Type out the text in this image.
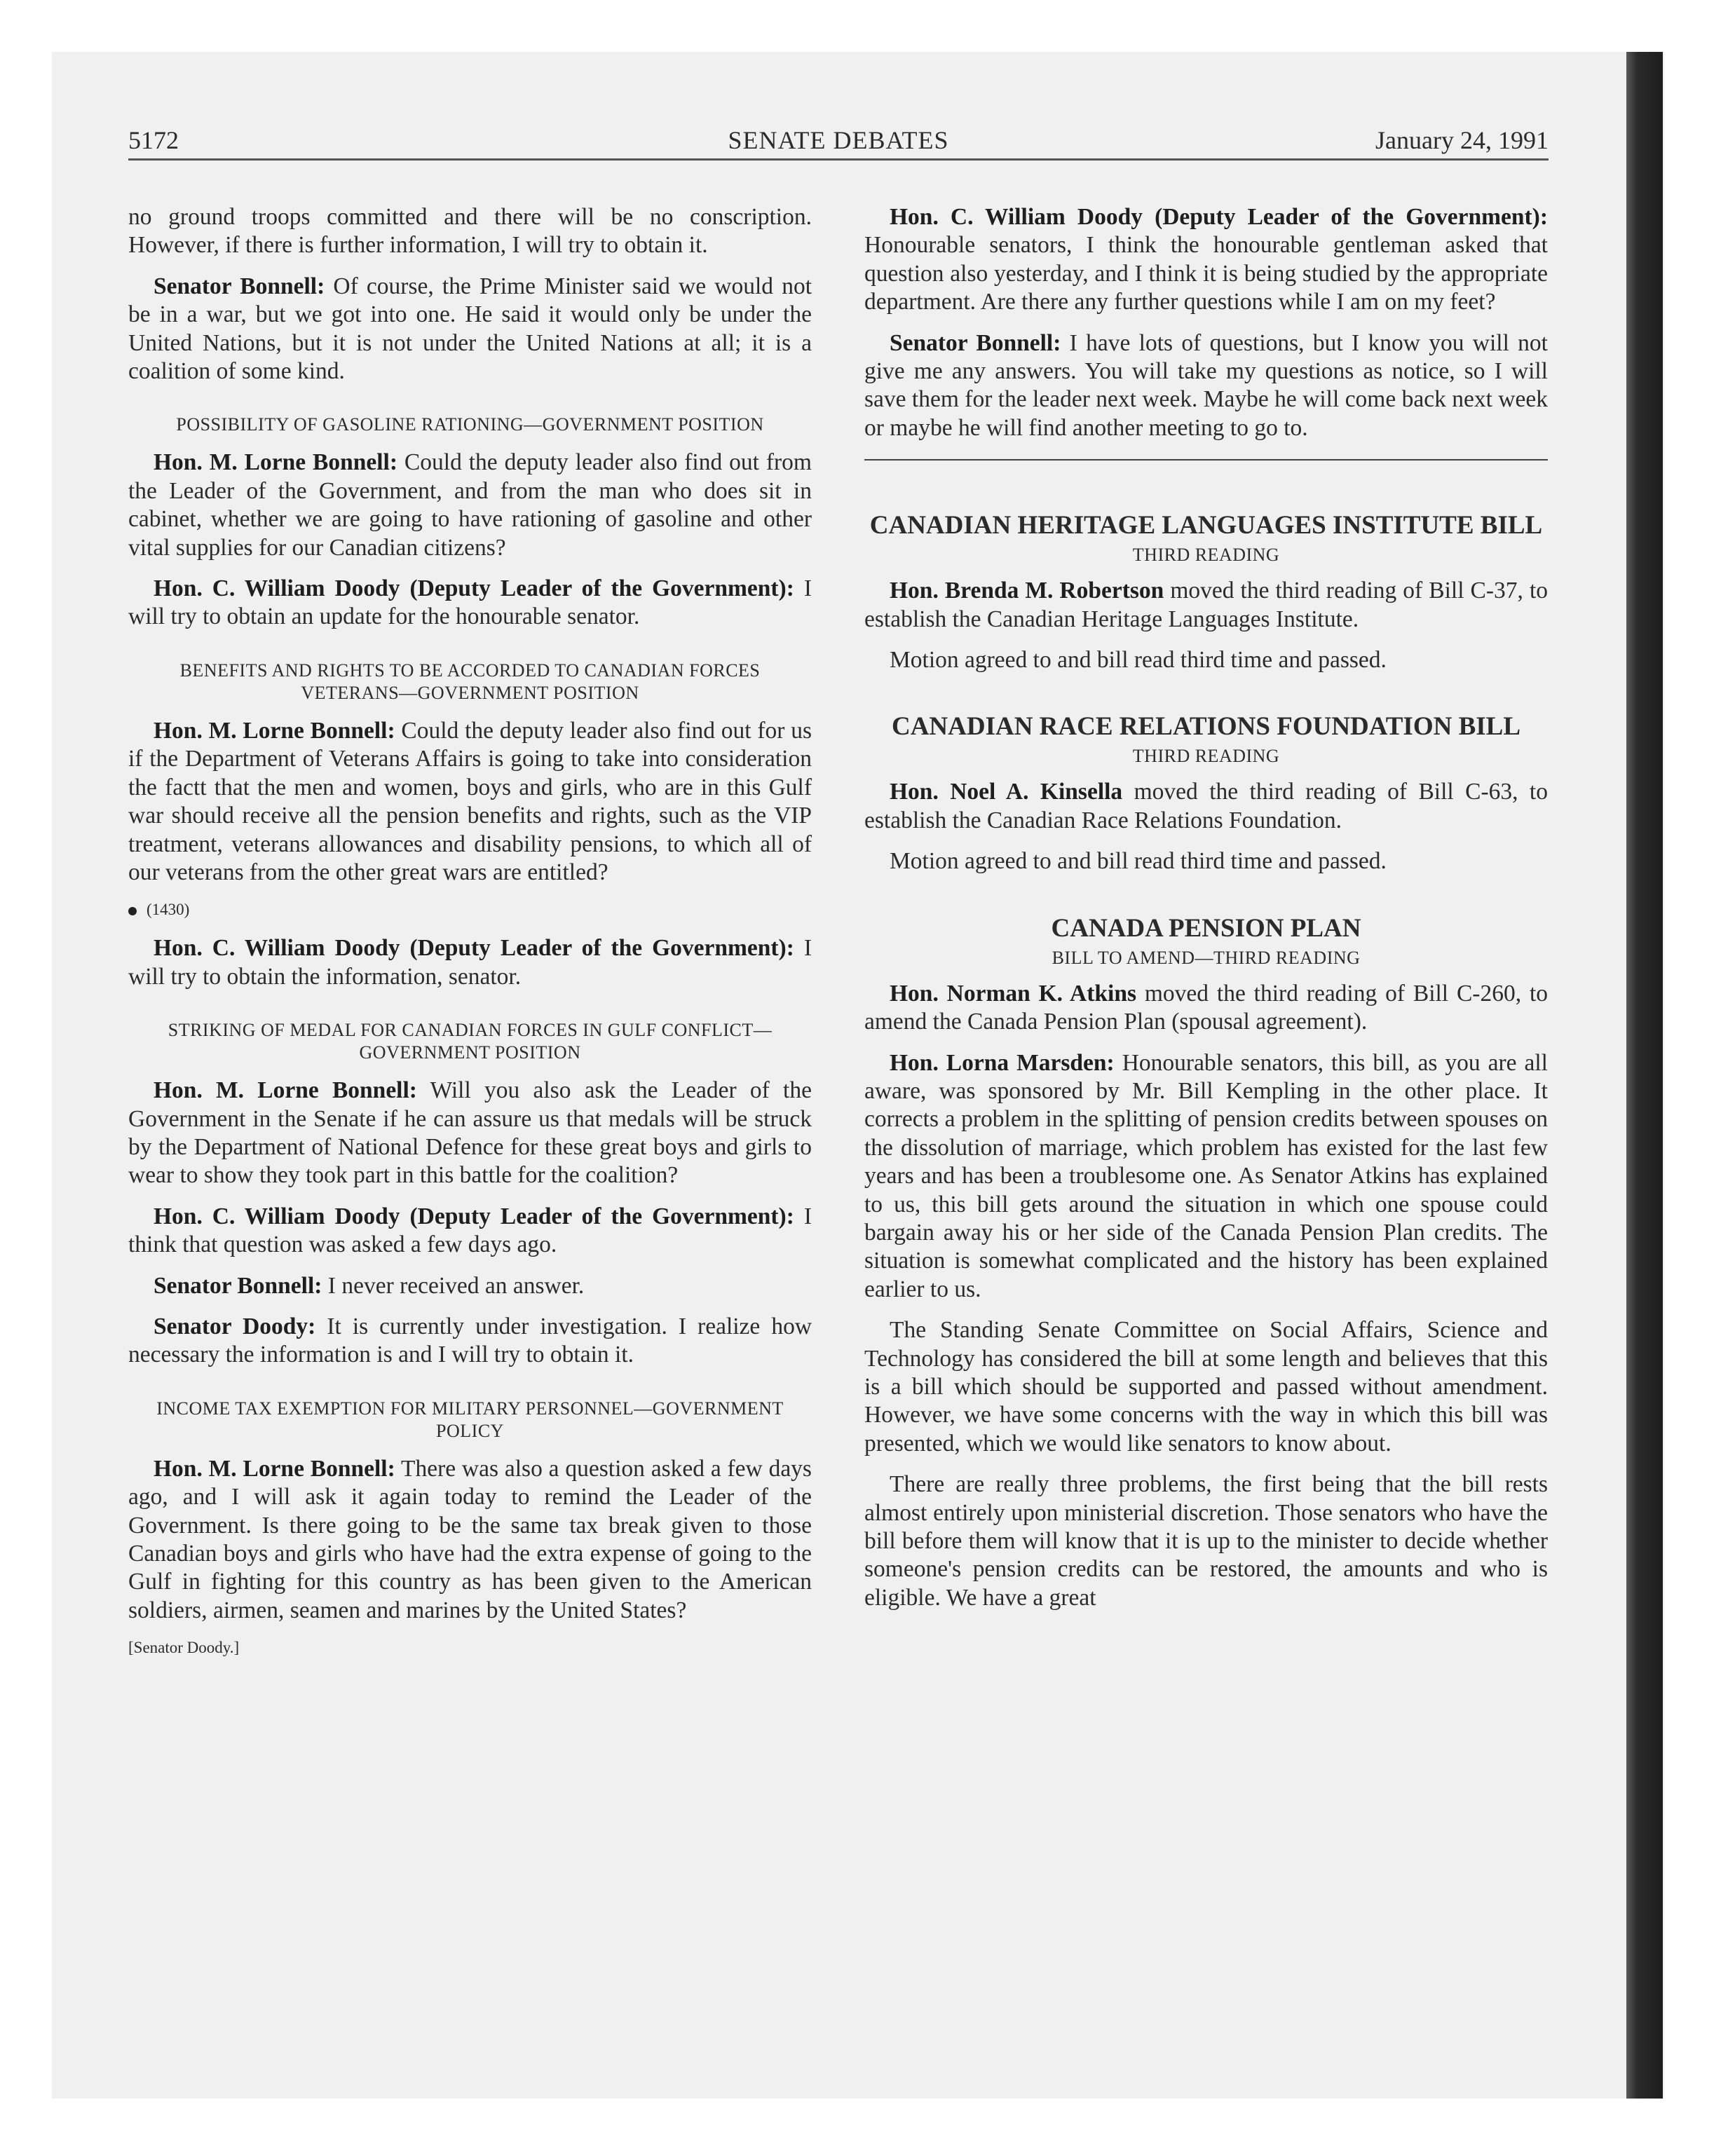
5172	SENATE DEBATES	January 24, 1991

no ground troops committed and there will be no conscription. However, if there is further information, I will try to obtain it.

Senator Bonnell: Of course, the Prime Minister said we would not be in a war, but we got into one. He said it would only be under the United Nations, but it is not under the United Nations at all; it is a coalition of some kind.

POSSIBILITY OF GASOLINE RATIONING—GOVERNMENT POSITION

Hon. M. Lorne Bonnell: Could the deputy leader also find out from the Leader of the Government, and from the man who does sit in cabinet, whether we are going to have rationing of gasoline and other vital supplies for our Canadian citizens?

Hon. C. William Doody (Deputy Leader of the Government): I will try to obtain an update for the honourable senator.

BENEFITS AND RIGHTS TO BE ACCORDED TO CANADIAN FORCES VETERANS—GOVERNMENT POSITION

Hon. M. Lorne Bonnell: Could the deputy leader also find out for us if the Department of Veterans Affairs is going to take into consideration the factt that the men and women, boys and girls, who are in this Gulf war should receive all the pension benefits and rights, such as the VIP treatment, veterans allowances and disability pensions, to which all of our veterans from the other great wars are entitled?

(1430)

Hon. C. William Doody (Deputy Leader of the Government): I will try to obtain the information, senator.

STRIKING OF MEDAL FOR CANADIAN FORCES IN GULF CONFLICT—GOVERNMENT POSITION

Hon. M. Lorne Bonnell: Will you also ask the Leader of the Government in the Senate if he can assure us that medals will be struck by the Department of National Defence for these great boys and girls to wear to show they took part in this battle for the coalition?

Hon. C. William Doody (Deputy Leader of the Government): I think that question was asked a few days ago.

Senator Bonnell: I never received an answer.

Senator Doody: It is currently under investigation. I realize how necessary the information is and I will try to obtain it.

INCOME TAX EXEMPTION FOR MILITARY PERSONNEL—GOVERNMENT POLICY

Hon. M. Lorne Bonnell: There was also a question asked a few days ago, and I will ask it again today to remind the Leader of the Government. Is there going to be the same tax break given to those Canadian boys and girls who have had the extra expense of going to the Gulf in fighting for this country as has been given to the American soldiers, airmen, seamen and marines by the United States?

[Senator Doody.]

Hon. C. William Doody (Deputy Leader of the Government): Honourable senators, I think the honourable gentleman asked that question also yesterday, and I think it is being studied by the appropriate department. Are there any further questions while I am on my feet?

Senator Bonnell: I have lots of questions, but I know you will not give me any answers. You will take my questions as notice, so I will save them for the leader next week. Maybe he will come back next week or maybe he will find another meeting to go to.

CANADIAN HERITAGE LANGUAGES INSTITUTE BILL
THIRD READING

Hon. Brenda M. Robertson moved the third reading of Bill C-37, to establish the Canadian Heritage Languages Institute.

Motion agreed to and bill read third time and passed.

CANADIAN RACE RELATIONS FOUNDATION BILL
THIRD READING

Hon. Noel A. Kinsella moved the third reading of Bill C-63, to establish the Canadian Race Relations Foundation.

Motion agreed to and bill read third time and passed.

CANADA PENSION PLAN
BILL TO AMEND—THIRD READING

Hon. Norman K. Atkins moved the third reading of Bill C-260, to amend the Canada Pension Plan (spousal agreement).

Hon. Lorna Marsden: Honourable senators, this bill, as you are all aware, was sponsored by Mr. Bill Kempling in the other place. It corrects a problem in the splitting of pension credits between spouses on the dissolution of marriage, which problem has existed for the last few years and has been a troublesome one. As Senator Atkins has explained to us, this bill gets around the situation in which one spouse could bargain away his or her side of the Canada Pension Plan credits. The situation is somewhat complicated and the history has been explained earlier to us.

The Standing Senate Committee on Social Affairs, Science and Technology has considered the bill at some length and believes that this is a bill which should be supported and passed without amendment. However, we have some concerns with the way in which this bill was presented, which we would like senators to know about.

There are really three problems, the first being that the bill rests almost entirely upon ministerial discretion. Those senators who have the bill before them will know that it is up to the minister to decide whether someone's pension credits can be restored, the amounts and who is eligible. We have a great
